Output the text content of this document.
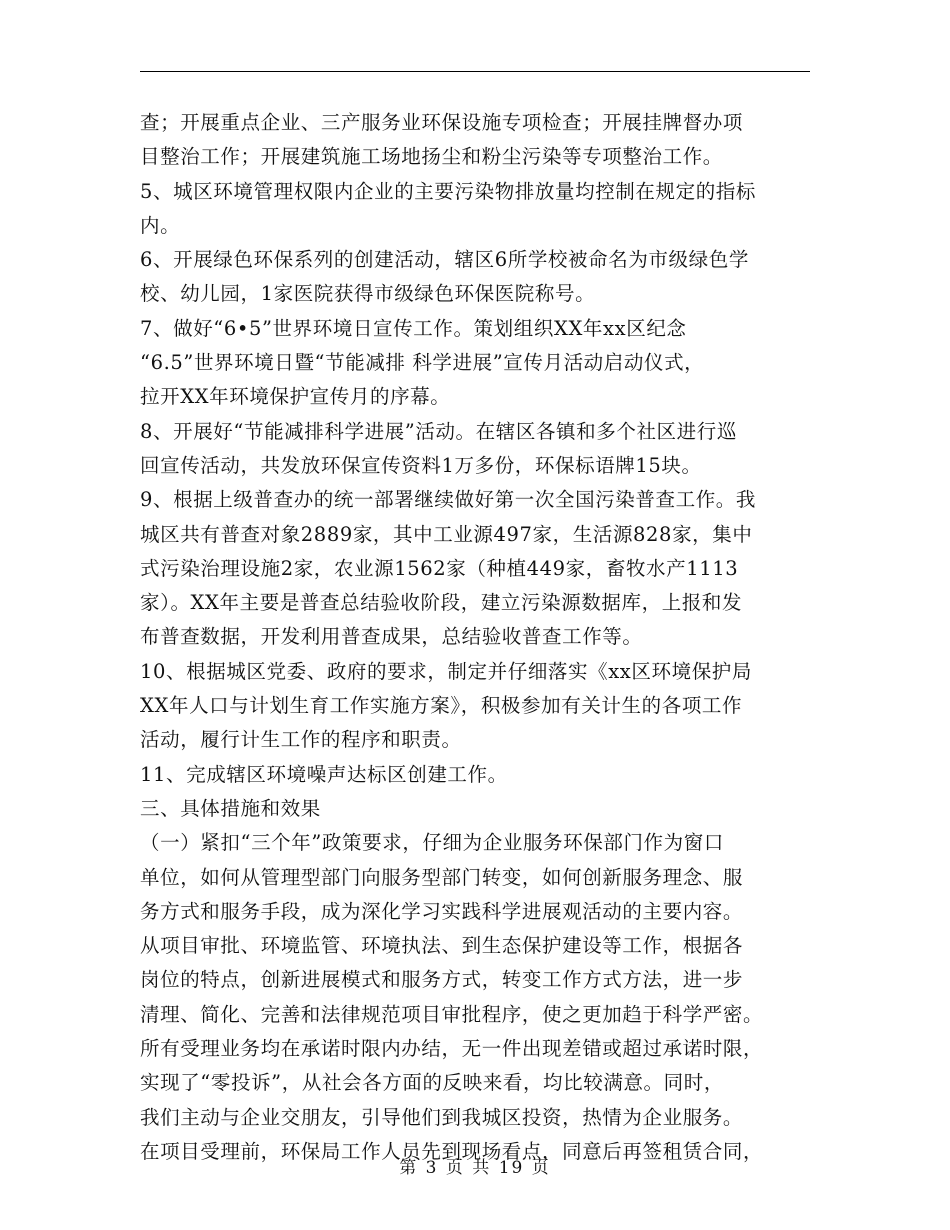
查；开展重点企业、三产服务业环保设施专项检查；开展挂牌督办项
目整治工作；开展建筑施工场地扬尘和粉尘污染等专项整治工作。
5、城区环境管理权限内企业的主要污染物排放量均控制在规定的指标
内。
6、开展绿色环保系列的创建活动，辖区6所学校被命名为市级绿色学
校、幼儿园，1家医院获得市级绿色环保医院称号。
7、做好“6•5”世界环境日宣传工作。策划组织XX年xx区纪念
“6.5”世界环境日暨“节能减排 科学进展”宣传月活动启动仪式，
拉开XX年环境保护宣传月的序幕。
8、开展好“节能减排科学进展”活动。在辖区各镇和多个社区进行巡
回宣传活动，共发放环保宣传资料1万多份，环保标语牌15块。
9、根据上级普查办的统一部署继续做好第一次全国污染普查工作。我
城区共有普查对象2889家，其中工业源497家，生活源828家，集中
式污染治理设施2家，农业源1562家（种植449家，畜牧水产1113
家）。XX年主要是普查总结验收阶段，建立污染源数据库，上报和发
布普查数据，开发利用普查成果，总结验收普查工作等。
10、根据城区党委、政府的要求，制定并仔细落实《xx区环境保护局
XX年人口与计划生育工作实施方案》，积极参加有关计生的各项工作
活动，履行计生工作的程序和职责。
11、完成辖区环境噪声达标区创建工作。
三、具体措施和效果
（一）紧扣“三个年”政策要求，仔细为企业服务环保部门作为窗口
单位，如何从管理型部门向服务型部门转变，如何创新服务理念、服
务方式和服务手段，成为深化学习实践科学进展观活动的主要内容。
从项目审批、环境监管、环境执法、到生态保护建设等工作，根据各
岗位的特点，创新进展模式和服务方式，转变工作方式方法，进一步
清理、简化、完善和法律规范项目审批程序，使之更加趋于科学严密。
所有受理业务均在承诺时限内办结，无一件出现差错或超过承诺时限，
实现了“零投诉”，从社会各方面的反映来看，均比较满意。同时，
我们主动与企业交朋友，引导他们到我城区投资，热情为企业服务。
在项目受理前，环保局工作人员先到现场看点，同意后再签租赁合同，
第 3 页 共 19 页
